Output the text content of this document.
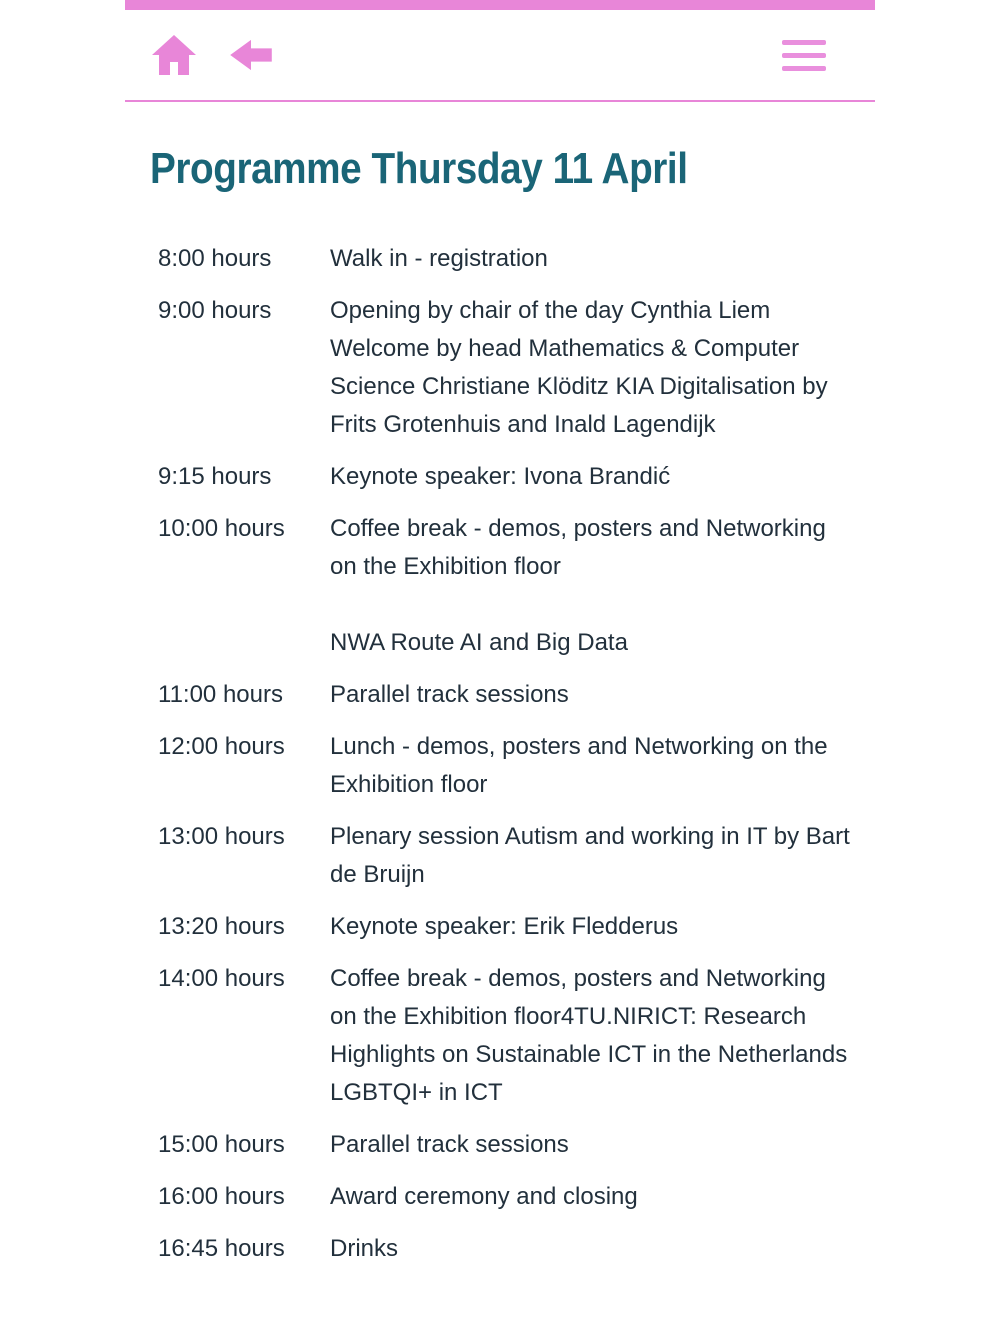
Programme Thursday 11 April
8:00 hours	Walk in - registration
9:00 hours	Opening by chair of the day Cynthia Liem Welcome by head Mathematics & Computer Science Christiane Klöditz KIA Digitalisation by Frits Grotenhuis and Inald Lagendijk
9:15 hours	Keynote speaker: Ivona Brandić
10:00 hours	Coffee break - demos, posters and Networking on the Exhibition floor
NWA Route AI and Big Data
11:00 hours	Parallel track sessions
12:00 hours	Lunch - demos, posters and Networking on the Exhibition floor
13:00 hours	Plenary session Autism and working in IT by Bart de Bruijn
13:20 hours	Keynote speaker: Erik Fledderus
14:00 hours	Coffee break - demos, posters and Networking on the Exhibition floor4TU.NIRICT: Research Highlights on Sustainable ICT in the Netherlands LGBTQI+ in ICT
15:00 hours	Parallel track sessions
16:00 hours	Award ceremony and closing
16:45 hours	Drinks
